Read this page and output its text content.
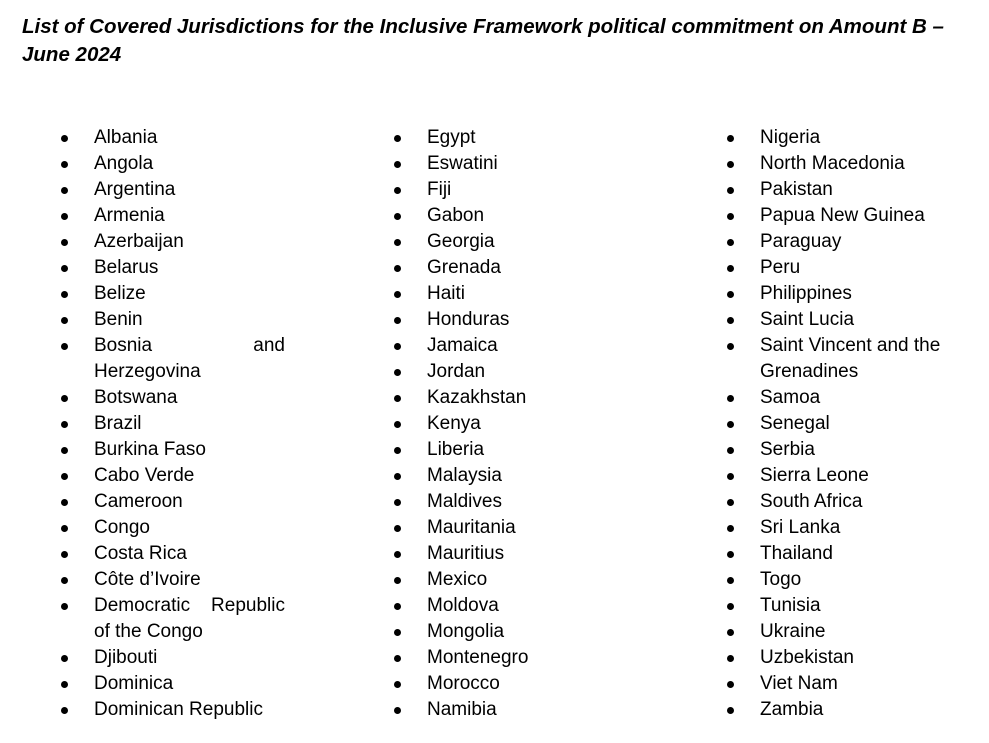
List of Covered Jurisdictions for the Inclusive Framework political commitment on Amount B – June 2024
Albania
Angola
Argentina
Armenia
Azerbaijan
Belarus
Belize
Benin
Bosnia and Herzegovina
Botswana
Brazil
Burkina Faso
Cabo Verde
Cameroon
Congo
Costa Rica
Côte d’Ivoire
Democratic Republic of the Congo
Djibouti
Dominica
Dominican Republic
Egypt
Eswatini
Fiji
Gabon
Georgia
Grenada
Haiti
Honduras
Jamaica
Jordan
Kazakhstan
Kenya
Liberia
Malaysia
Maldives
Mauritania
Mauritius
Mexico
Moldova
Mongolia
Montenegro
Morocco
Namibia
Nigeria
North Macedonia
Pakistan
Papua New Guinea
Paraguay
Peru
Philippines
Saint Lucia
Saint Vincent and the Grenadines
Samoa
Senegal
Serbia
Sierra Leone
South Africa
Sri Lanka
Thailand
Togo
Tunisia
Ukraine
Uzbekistan
Viet Nam
Zambia
